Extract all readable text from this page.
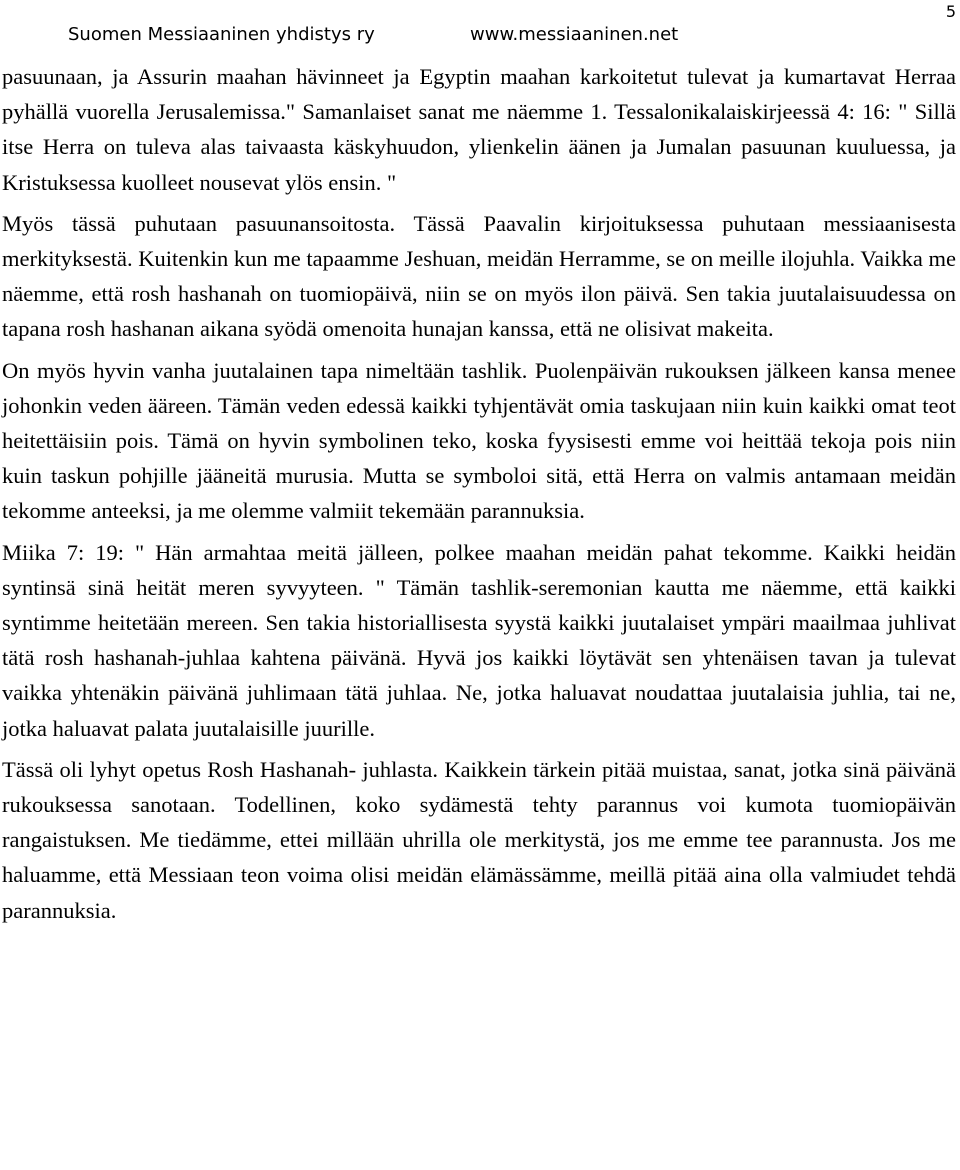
Suomen Messiaaninen yhdistys ry	www.messiaaninen.net
5

pasuunaan, ja Assurin maahan hävinneet ja Egyptin maahan karkoitetut tulevat ja kumartavat Herraa pyhällä vuorella Jerusalemissa." Samanlaiset sanat me näemme 1. Tessalonikalaiskirjeessä 4: 16: " Sillä itse Herra on tuleva alas taivaasta käskyhuudon, ylienkelin äänen ja Jumalan pasuunan kuuluessa, ja Kristuksessa kuolleet nousevat ylös ensin. "

Myös tässä puhutaan pasuunansoitosta. Tässä Paavalin kirjoituksessa puhutaan messiaanisesta merkityksestä. Kuitenkin kun me tapaamme Jeshuan, meidän Herramme, se on meille ilojuhla. Vaikka me näemme, että rosh hashanah on tuomiopäivä, niin se on myös ilon päivä. Sen takia juutalaisuudessa on tapana rosh hashanan aikana syödä omenoita hunajan kanssa, että ne olisivat makeita.

On myös hyvin vanha juutalainen tapa nimeltään tashlik. Puolenpäivän rukouksen jälkeen kansa menee johonkin veden ääreen. Tämän veden edessä kaikki tyhjentävät omia taskujaan niin kuin kaikki omat teot heitettäisiin pois. Tämä on hyvin symbolinen teko, koska fyysisesti emme voi heittää tekoja pois niin kuin taskun pohjille jääneitä murusia. Mutta se symboloi sitä, että Herra on valmis antamaan meidän tekomme anteeksi, ja me olemme valmiit tekemään parannuksia.

Miika 7: 19: " Hän armahtaa meitä jälleen, polkee maahan meidän pahat tekomme. Kaikki heidän syntinsä sinä heität meren syvyyteen. " Tämän tashlik-seremonian kautta me näemme, että kaikki syntimme heitetään mereen. Sen takia historiallisesta syystä kaikki juutalaiset ympäri maailmaa juhlivat tätä rosh hashanah-juhlaa kahtena päivänä. Hyvä jos kaikki löytävät sen yhtenäisen tavan ja tulevat vaikka yhtenäkin päivänä juhlimaan tätä juhlaa. Ne, jotka haluavat noudattaa juutalaisia juhlia, tai ne, jotka haluavat palata juutalaisille juurille.

Tässä oli lyhyt opetus Rosh Hashanah- juhlasta. Kaikkein tärkein pitää muistaa, sanat, jotka sinä päivänä rukouksessa sanotaan. Todellinen, koko sydämestä tehty parannus voi kumota tuomiopäivän rangaistuksen. Me tiedämme, ettei millään uhrilla ole merkitystä, jos me emme tee parannusta. Jos me haluamme, että Messiaan teon voima olisi meidän elämässämme, meillä pitää aina olla valmiudet tehdä parannuksia.
